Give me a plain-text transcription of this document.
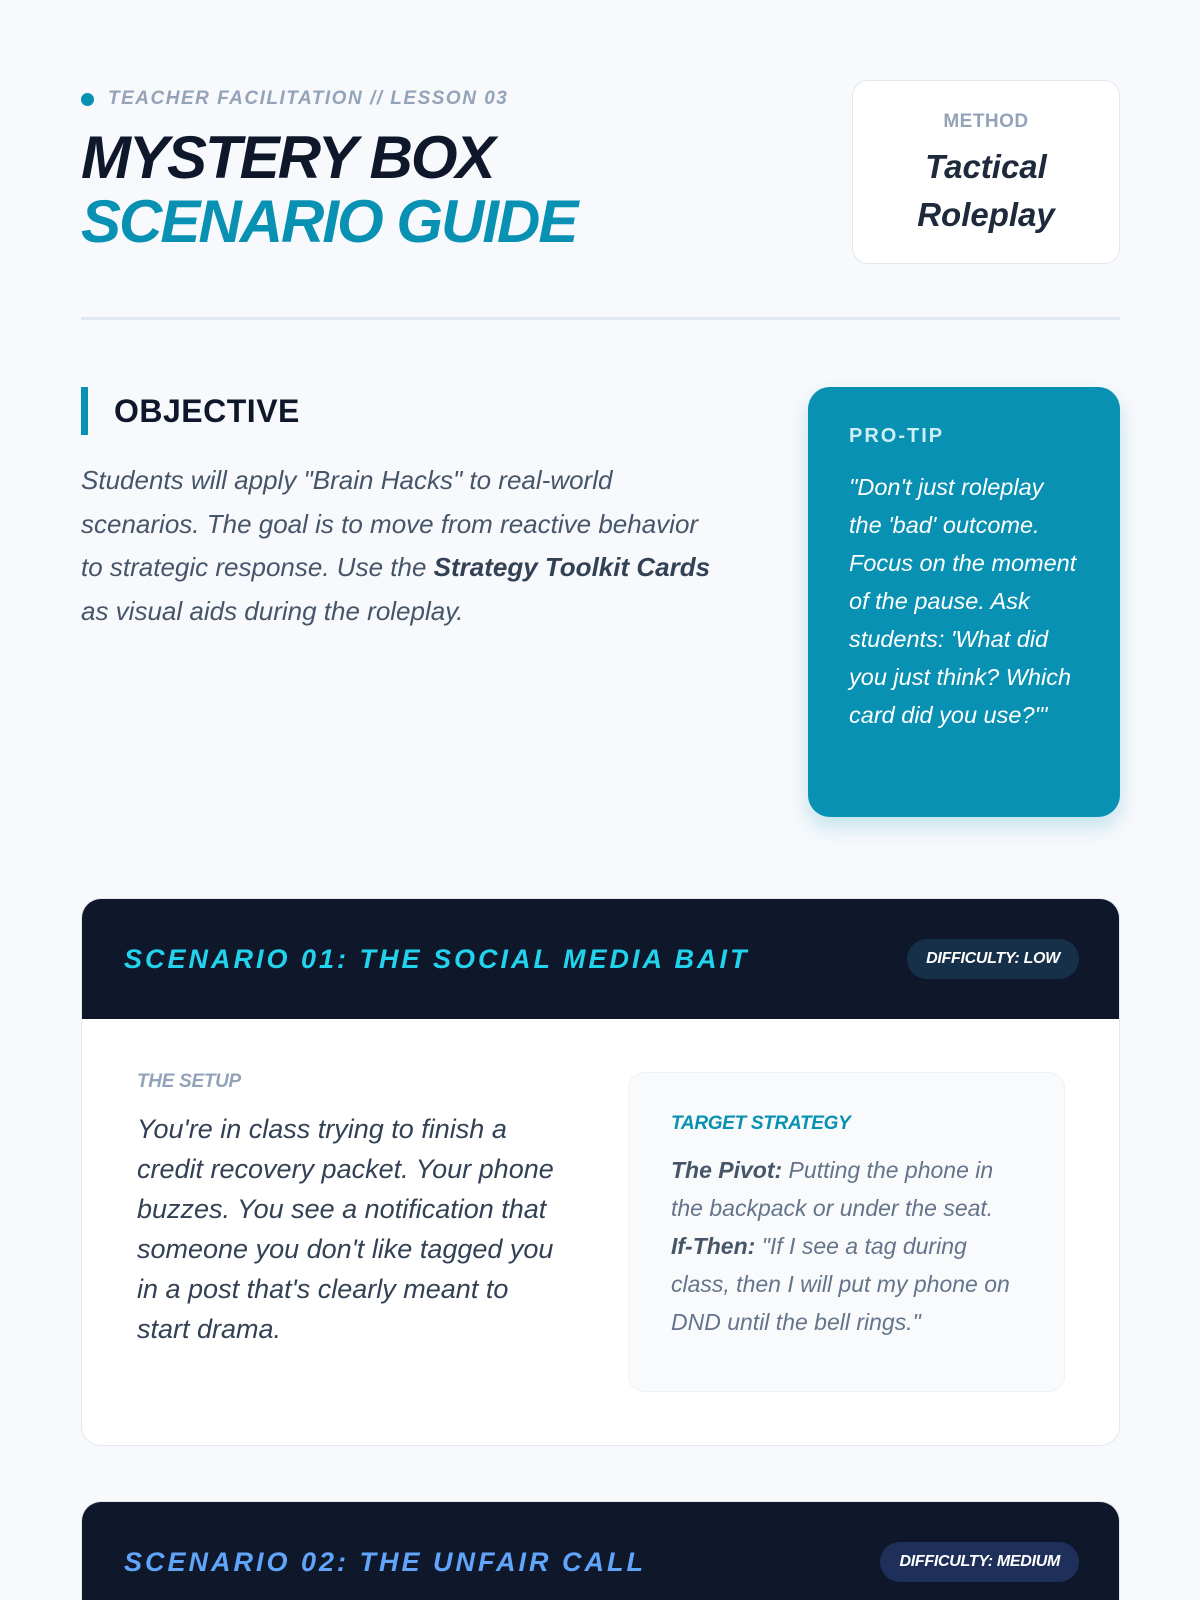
TEACHER FACILITATION // LESSON 03
MYSTERY BOX
SCENARIO GUIDE
METHOD
Tactical
Roleplay
OBJECTIVE

Students will apply "Brain Hacks" to real-world scenarios. The goal is to move from reactive behavior to strategic response. Use the Strategy Toolkit Cards as visual aids during the roleplay.

PRO-TIP

"Don't just roleplay the 'bad' outcome. Focus on the moment of the pause. Ask students: 'What did you just think? Which card did you use?'"

SCENARIO 01: THE SOCIAL MEDIA BAIT	DIFFICULTY: LOW
THE SETUP

You're in class trying to finish a credit recovery packet. Your phone buzzes. You see a notification that someone you don't like tagged you in a post that's clearly meant to start drama.

TARGET STRATEGY

The Pivot: Putting the phone in the backpack or under the seat.
If-Then: "If I see a tag during class, then I will put my phone on DND until the bell rings."

SCENARIO 02: THE UNFAIR CALL	DIFFICULTY: MEDIUM
